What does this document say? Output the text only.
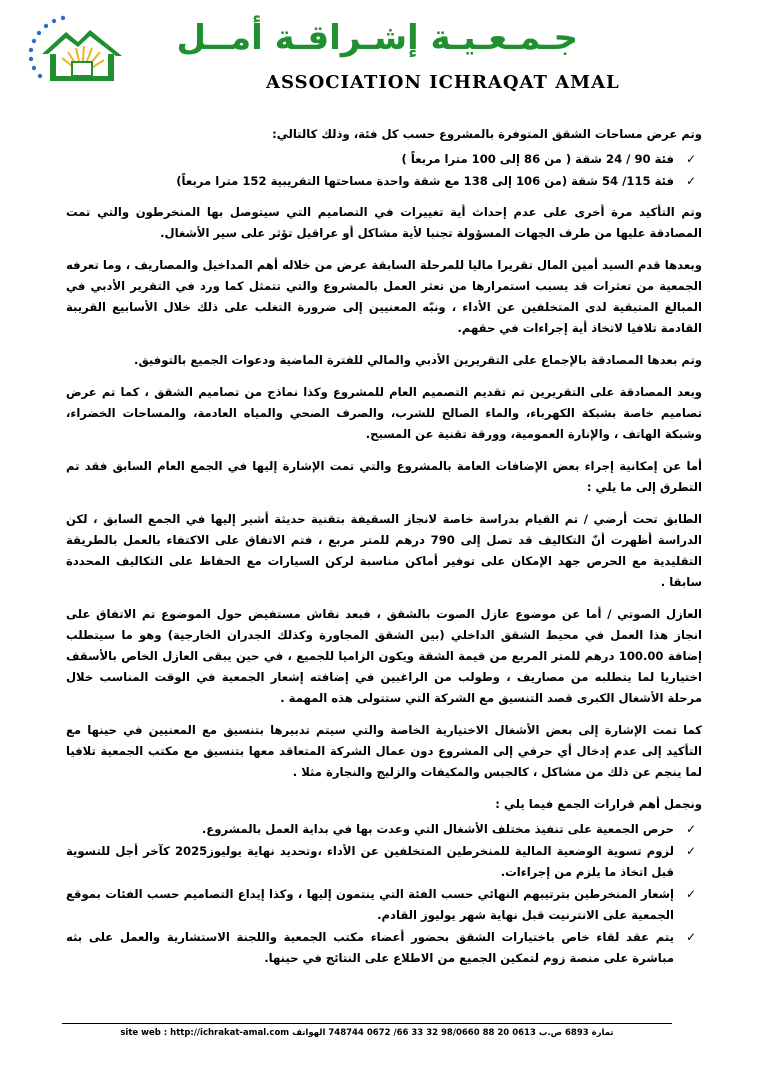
جـمـعـيـة إشـراقـة أمــل
ASSOCIATION ICHRAQAT AMAL

وتم عرض مساحات الشقق المتوفرة بالمشروع حسب كل فئة، وذلك كالتالي:

✓
فئة 90 / 24 شقة ( من 86 إلى 100 مترا مربعاً )
✓
فئة 115/ 54 شقة (من 106 إلى 138 مع شقة واحدة مساحتها التقريبية 152 مترا مربعاً)

وتم التأكيد مرة أخرى على عدم إحداث أية تغييرات في التصاميم التي سيتوصل بها المنخرطون والتي تمت المصادقة عليها من طرف الجهات المسؤولة تجنبا لأية مشاكل أو عراقيل تؤثر على سير الأشغال.

وبعدها قدم السيد أمين المال تقريرا ماليا للمرحلة السابقة عرض من خلاله أهم المداخيل والمصاريف ، وما تعرفه الجمعية من تعثرات قد يسبب استمرارها من تعثر العمل بالمشروع والتي تتمثل كما ورد في التقرير الأدبي في المبالغ المتبقية لدى المتخلفين عن الأداء ، ونبّه المعنيين إلى ضرورة التغلب على ذلك خلال الأسابيع القريبة القادمة تلافيا لاتخاذ أية إجراءات في حقهم.

وتم بعدها المصادقة بالإجماع على التقريرين الأدبي والمالي للفترة الماضية ودعوات الجميع بالتوفيق.

وبعد المصادقة على التقريرين تم تقديم التصميم العام للمشروع وكذا نماذج من تصاميم الشقق ، كما تم عرض تصاميم خاصة بشبكة الكهرباء، والماء الصالح للشرب، والصرف الصحي والمياه العادمة، والمساحات الخضراء، وشبكة الهاتف ، والإنارة العمومية، وورقة تقنية عن المسبح.

أما عن إمكانية إجراء بعض الإضافات العامة بالمشروع والتي تمت الإشارة إليها في الجمع العام السابق فقد تم التطرق إلى ما يلي :

الطابق تحت أرضي / تم القيام بدراسة خاصة لانجاز السقيفة بتقنية حديثة أشير إليها في الجمع السابق ، لكن الدراسة أظهرت أنّ التكاليف قد تصل إلى 790 درهم للمتر مربع ، فتم الاتفاق على الاكتفاء بالعمل بالطريقة التقليدية مع الحرص جهد الإمكان على توفير أماكن مناسبة لركن السيارات مع الحفاظ على التكاليف المحددة سابقا .

العازل الصوتي / أما عن موضوع عازل الصوت بالشقق ، فبعد نقاش مستفيض حول الموضوع تم الاتفاق على انجاز هذا العمل في محيط الشقق الداخلي (بين الشقق المجاورة وكذلك الجدران الخارجية) وهو ما سيتطلب إضافة 100.00 درهم للمتر المربع من قيمة الشقة ويكون الزاميا للجميع ، في حين يبقى العازل الخاص بالأسقف اختياريا لما يتطلبه من مصاريف ، وطولب من الراغبين في إضافته إشعار الجمعية في الوقت المناسب خلال مرحلة الأشغال الكبرى قصد التنسيق مع الشركة التي ستتولى هذه المهمة .

كما تمت الإشارة إلى بعض الأشغال الاختيارية الخاصة والتي سيتم تدبيرها بتنسيق مع المعنيين في حينها مع التأكيد إلى عدم إدخال أي حرفي إلى المشروع دون عمال الشركة المتعاقد معها بتنسيق مع مكتب الجمعية تلافيا لما ينجم عن ذلك من مشاكل ، كالجبس والمكيفات والزليج والنجارة مثلا .

ونجمل أهم قرارات الجمع فيما يلي :

✓
حرص الجمعية على تنفيذ مختلف الأشغال التي وعدت بها في بداية العمل بالمشروع.
✓
لزوم تسوية الوضعية المالية للمنخرطين المتخلفين عن الأداء ،وتحديد نهاية يوليوز2025 كآخر أجل للتسوية قبل اتخاذ ما يلزم من إجراءات.
✓
إشعار المنخرطين بترتيبهم النهائي حسب الفئة التي ينتمون إليها ، وكذا إيداع التصاميم حسب الفئات بموقع الجمعية على الانترنيت قبل نهاية شهر يوليوز القادم.
✓
يتم عقد لقاء خاص باختيارات الشقق بحضور أعضاء مكتب الجمعية واللجنة الاستشارية والعمل على بثه مباشرة على منصة زوم لتمكين الجميع من الاطلاع على النتائج في حينها.
تمارة 6893 ص.ب 0613 20 88 98/0660 32 33 66/ 0672 748744 الهواتف site web : http://ichrakat-amal.com
